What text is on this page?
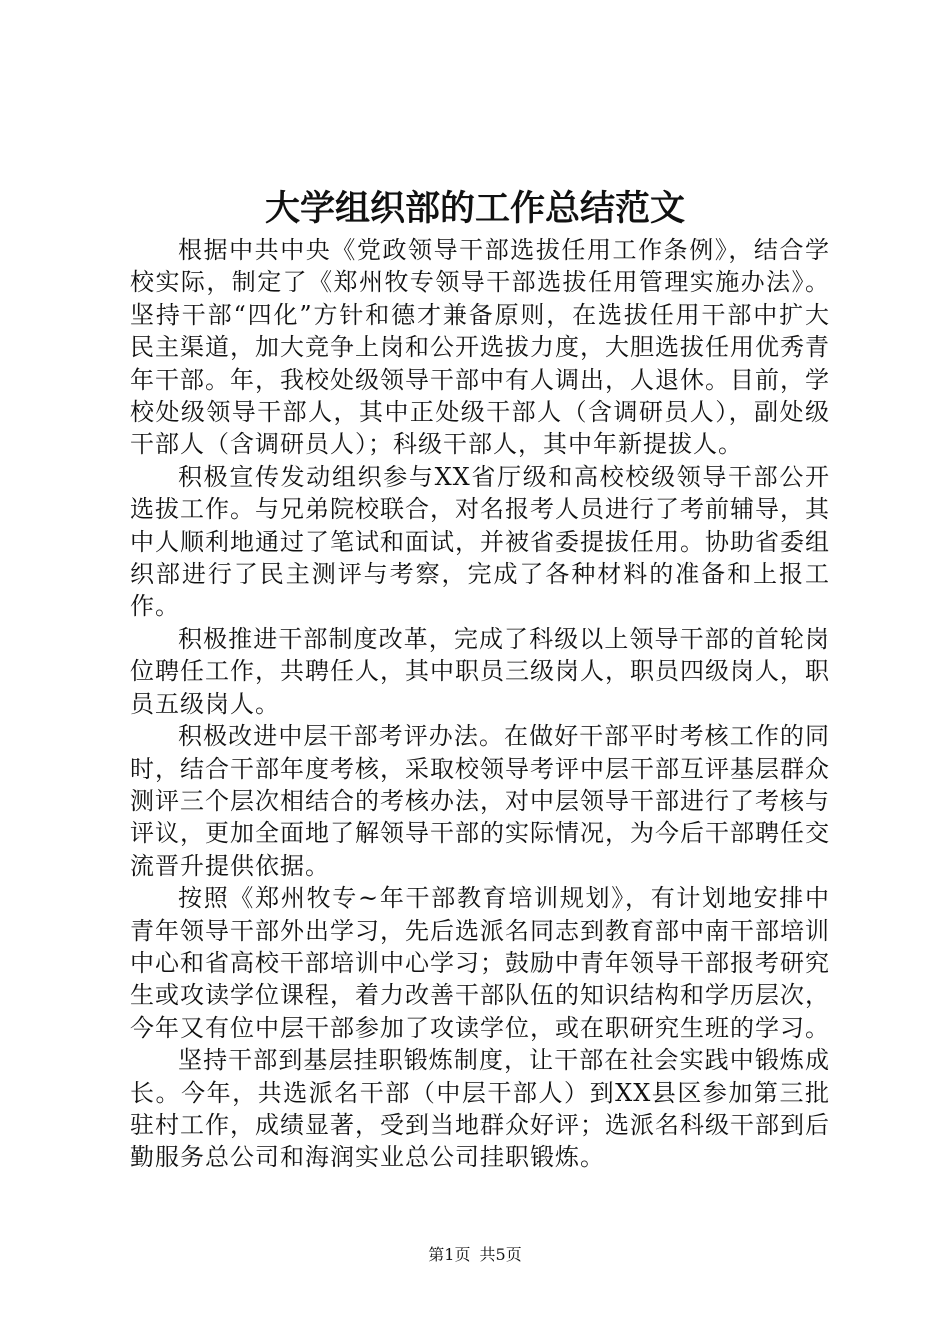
大学组织部的工作总结范文

根据中共中央《党政领导干部选拔任用工作条例》，结合学校实际，制定了《郑州牧专领导干部选拔任用管理实施办法》。坚持干部“四化”方针和德才兼备原则，在选拔任用干部中扩大民主渠道，加大竞争上岗和公开选拔力度，大胆选拔任用优秀青年干部。年，我校处级领导干部中有人调出，人退休。目前，学校处级领导干部人，其中正处级干部人（含调研员人），副处级干部人（含调研员人）；科级干部人，其中年新提拔人。

积极宣传发动组织参与XX省厅级和高校校级领导干部公开选拔工作。与兄弟院校联合，对名报考人员进行了考前辅导，其中人顺利地通过了笔试和面试，并被省委提拔任用。协助省委组织部进行了民主测评与考察，完成了各种材料的准备和上报工作。

积极推进干部制度改革，完成了科级以上领导干部的首轮岗位聘任工作，共聘任人，其中职员三级岗人，职员四级岗人，职员五级岗人。

积极改进中层干部考评办法。在做好干部平时考核工作的同时，结合干部年度考核，采取校领导考评中层干部互评基层群众测评三个层次相结合的考核办法，对中层领导干部进行了考核与评议，更加全面地了解领导干部的实际情况，为今后干部聘任交流晋升提供依据。

按照《郑州牧专~年干部教育培训规划》，有计划地安排中青年领导干部外出学习，先后选派名同志到教育部中南干部培训中心和省高校干部培训中心学习；鼓励中青年领导干部报考研究生或攻读学位课程，着力改善干部队伍的知识结构和学历层次，今年又有位中层干部参加了攻读学位，或在职研究生班的学习。

坚持干部到基层挂职锻炼制度，让干部在社会实践中锻炼成长。今年，共选派名干部（中层干部人）到XX县区参加第三批驻村工作，成绩显著，受到当地群众好评；选派名科级干部到后勤服务总公司和海润实业总公司挂职锻炼。

第1页 共5页
